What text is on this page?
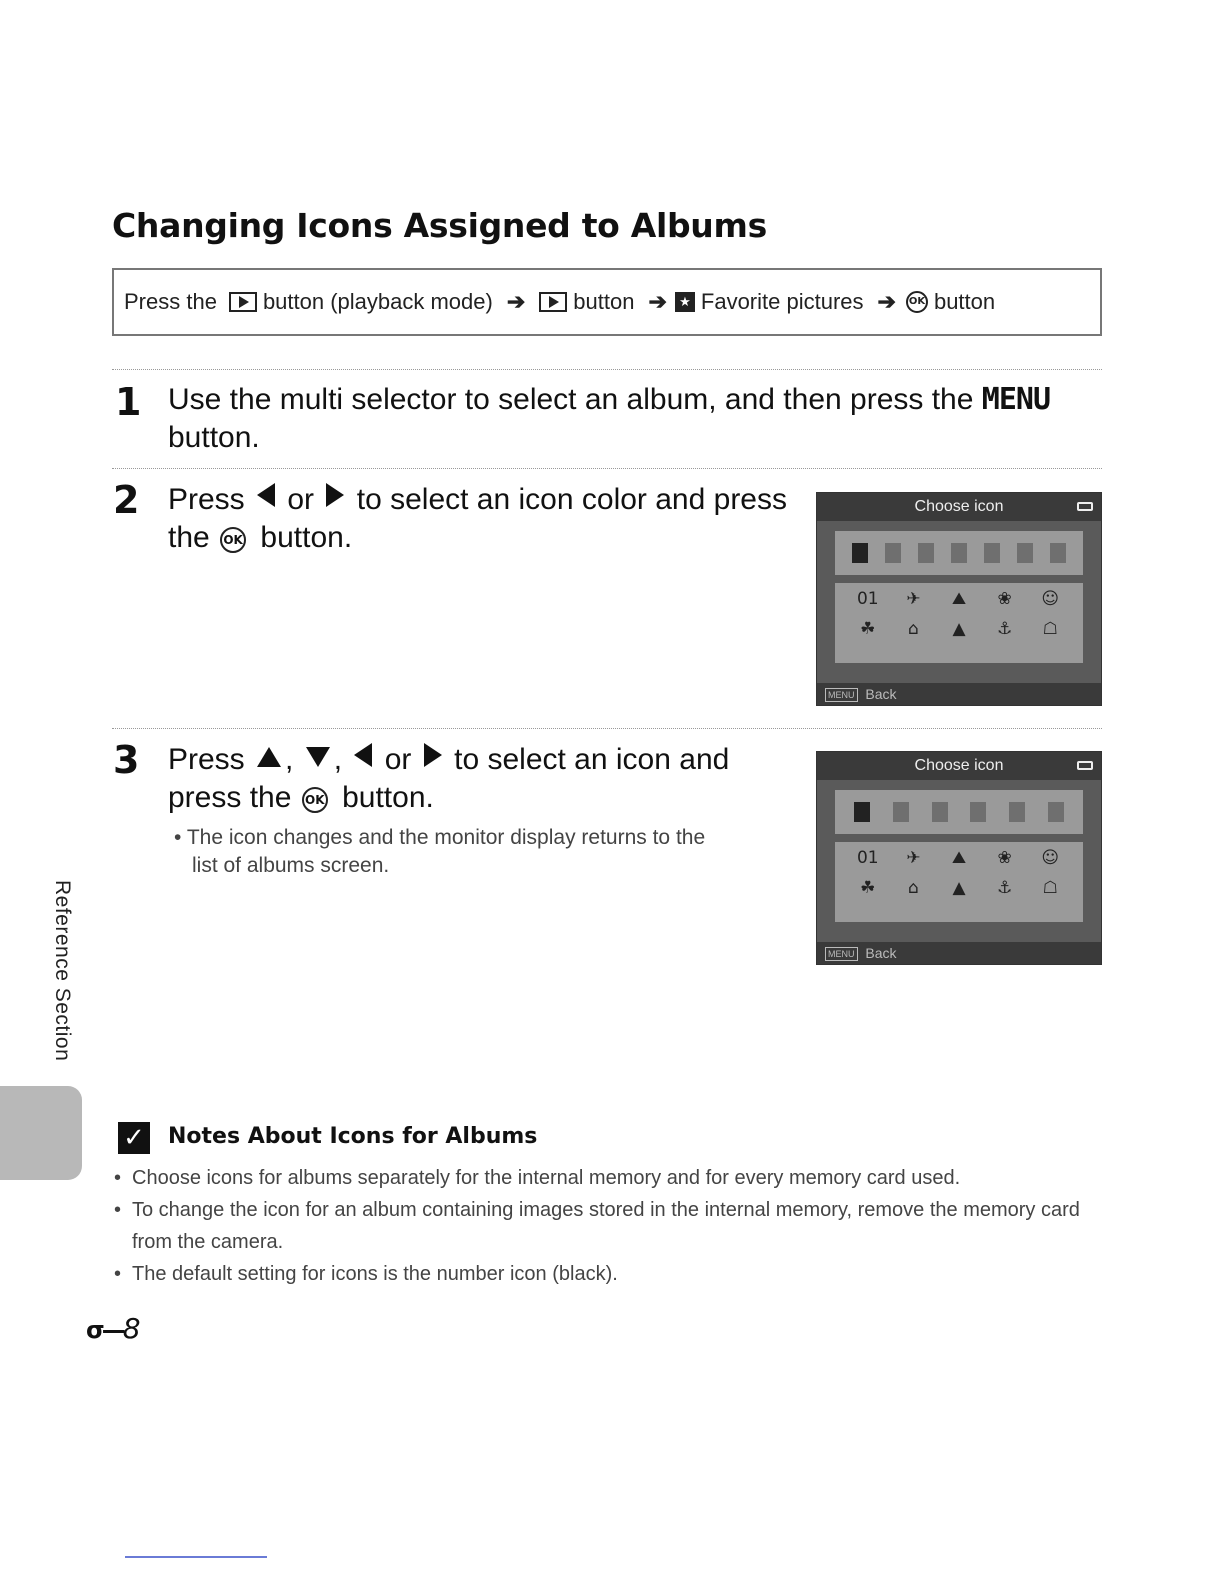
Changing Icons Assigned to Albums
Press the button (playback mode) ➔ button ➔ ★ Favorite pictures ➔ OK button
1 Use the multi selector to select an album, and then press the MENU
button.

2 Press or to select an icon color and press
the OK button.

Choose icon
01	✈	⛰	❀	☺
☘	⌂	▲	⚓	☖
MENU Back
3 Press , , or to select an icon and
press the OK button.

• The icon changes and the monitor display returns to the
list of albums screen.
Choose icon
01	✈	⛰	❀	☺
☘	⌂	▲	⚓	☖
MENU Back
Reference Section
✓ Notes About Icons for Albums
• Choose icons for albums separately for the internal memory and for every memory card used.
• To change the icon for an album containing images stored in the internal memory, remove the memory card from the camera.
• The default setting for icons is the number icon (black).
σ—8
